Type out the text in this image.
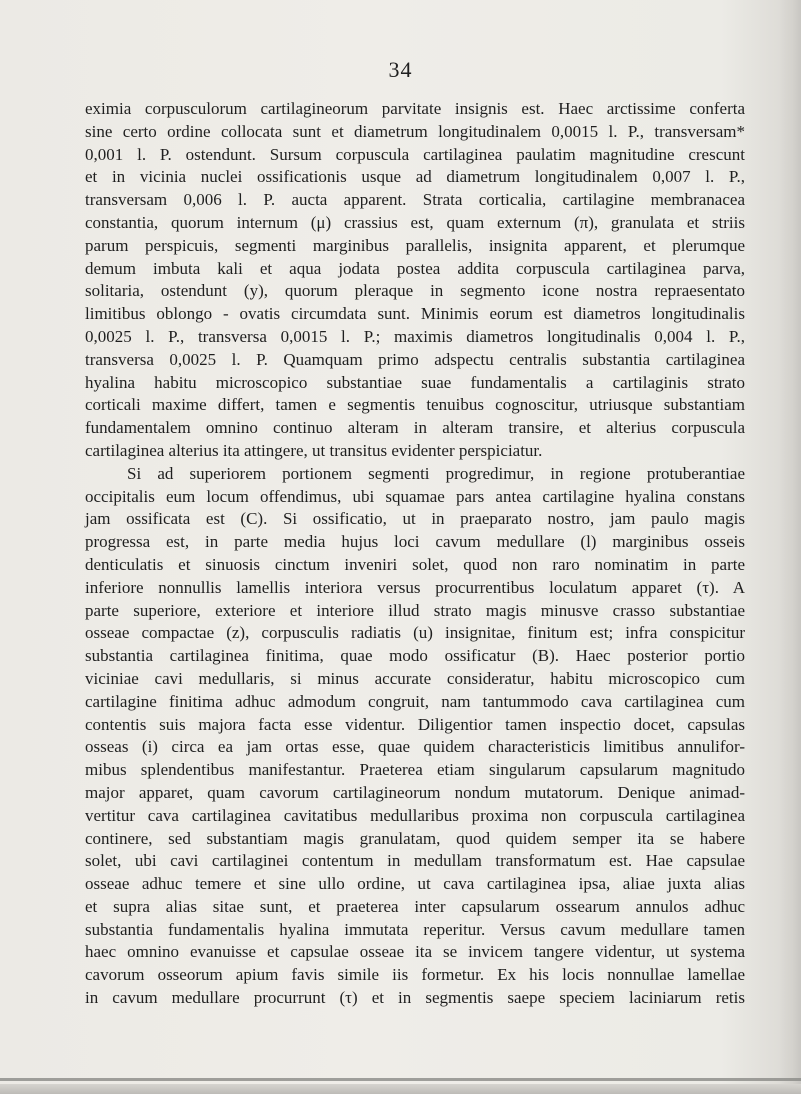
34
eximia corpusculorum cartilagineorum parvitate insignis est. Haec arctissime conferta
sine certo ordine collocata sunt et diametrum longitudinalem 0,0015 l. P., transversam*
0,001 l. P. ostendunt. Sursum corpuscula cartilaginea paulatim magnitudine crescunt
et in vicinia nuclei ossificationis usque ad diametrum longitudinalem 0,007 l. P.,
transversam 0,006 l. P. aucta apparent. Strata corticalia, cartilagine membranacea
constantia, quorum internum (μ) crassius est, quam externum (π), granulata et striis
parum perspicuis, segmenti marginibus parallelis, insignita apparent, et plerumque
demum imbuta kali et aqua jodata postea addita corpuscula cartilaginea parva,
solitaria, ostendunt (y), quorum pleraque in segmento icone nostra repraesentato
limitibus oblongo - ovatis circumdata sunt. Minimis eorum est diametros longitudinalis
0,0025 l. P., transversa 0,0015 l. P.; maximis diametros longitudinalis 0,004 l. P.,
transversa 0,0025 l. P. Quamquam primo adspectu centralis substantia cartilaginea
hyalina habitu microscopico substantiae suae fundamentalis a cartilaginis strato
corticali maxime differt, tamen e segmentis tenuibus cognoscitur, utriusque substantiam
fundamentalem omnino continuo alteram in alteram transire, et alterius corpuscula
cartilaginea alterius ita attingere, ut transitus evidenter perspiciatur.
Si ad superiorem portionem segmenti progredimur, in regione protuberantiae
occipitalis eum locum offendimus, ubi squamae pars antea cartilagine hyalina constans
jam ossificata est (C). Si ossificatio, ut in praeparato nostro, jam paulo magis
progressa est, in parte media hujus loci cavum medullare (l) marginibus osseis
denticulatis et sinuosis cinctum inveniri solet, quod non raro nominatim in parte
inferiore nonnullis lamellis interiora versus procurrentibus loculatum apparet (τ). A
parte superiore, exteriore et interiore illud strato magis minusve crasso substantiae
osseae compactae (z), corpusculis radiatis (u) insignitae, finitum est; infra conspicitur
substantia cartilaginea finitima, quae modo ossificatur (B). Haec posterior portio
viciniae cavi medullaris, si minus accurate consideratur, habitu microscopico cum
cartilagine finitima adhuc admodum congruit, nam tantummodo cava cartilaginea cum
contentis suis majora facta esse videntur. Diligentior tamen inspectio docet, capsulas
osseas (i) circa ea jam ortas esse, quae quidem characteristicis limitibus annulifor-
mibus splendentibus manifestantur. Praeterea etiam singularum capsularum magnitudo
major apparet, quam cavorum cartilagineorum nondum mutatorum. Denique animad-
vertitur cava cartilaginea cavitatibus medullaribus proxima non corpuscula cartilaginea
continere, sed substantiam magis granulatam, quod quidem semper ita se habere
solet, ubi cavi cartilaginei contentum in medullam transformatum est. Hae capsulae
osseae adhuc temere et sine ullo ordine, ut cava cartilaginea ipsa, aliae juxta alias
et supra alias sitae sunt, et praeterea inter capsularum ossearum annulos adhuc
substantia fundamentalis hyalina immutata reperitur. Versus cavum medullare tamen
haec omnino evanuisse et capsulae osseae ita se invicem tangere videntur, ut systema
cavorum osseorum apium favis simile iis formetur. Ex his locis nonnullae lamellae
in cavum medullare procurrunt (τ) et in segmentis saepe speciem laciniarum retis
